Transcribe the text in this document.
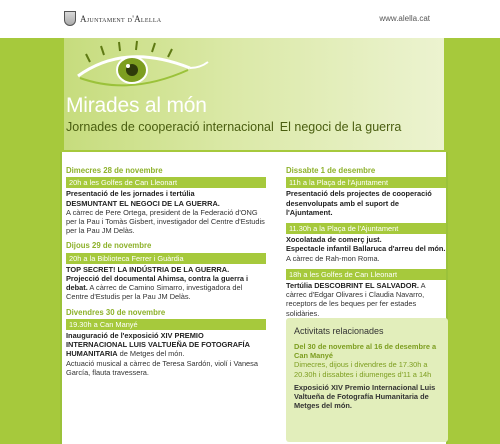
Ajuntament d'Alella	www.alella.cat
Mirades al món
Jornades de cooperació internacional El negoci de la guerra
Dimecres 28 de novembre
20h a les Golfes de Can Lleonart
Presentació de les jornades i tertúlia
DESMUNTANT EL NEGOCI DE LA GUERRA.
A càrrec de Pere Ortega, president de la Federació d'ONG per la Pau i Tomàs Gisbert, investigador del Centre d'Estudis per la Pau JM Delàs.
Dijous 29 de novembre
20h a la Biblioteca Ferrer i Guàrdia
TOP SECRET! LA INDÚSTRIA DE LA GUERRA.
Projecció del documental Ahimsa, contra la guerra i debat. A càrrec de Camino Simarro, investigadora del Centre d'Estudis per la Pau JM Delàs.
Divendres 30 de novembre
19.30h a Can Manyé
Inauguració de l'exposició XIV PREMIO INTERNACIONAL LUIS VALTUEÑA DE FOTOGRAFÍA HUMANITARIA de Metges del món.
Actuació musical a càrrec de Teresa Sardón, violí i Vanesa García, flauta travessera.
Dissabte 1 de desembre
11h a la Plaça de l'Ajuntament
Presentació dels projectes de cooperació desenvolupats amb el suport de l'Ajuntament.
11.30h a la Plaça de l'Ajuntament
Xocolatada de comerç just.
Espectacle infantil Ballaruca d'arreu del món. A càrrec de Rah-mon Roma.
18h a les Golfes de Can Lleonart
Tertúlia DESCOBRINT EL SALVADOR. A càrrec d'Edgar Olivares i Claudia Navarro, receptors de les beques per fer estades solidàries.
Activitats relacionades
Del 30 de novembre al 16 de desembre a Can Manyé
Dimecres, dijous i divendres de 17.30h a 20.30h i dissabtes i diumenges d'11 a 14h
Exposició XIV Premio Internacional Luis Valtueña de Fotografía Humanitaria de Metges del món.
